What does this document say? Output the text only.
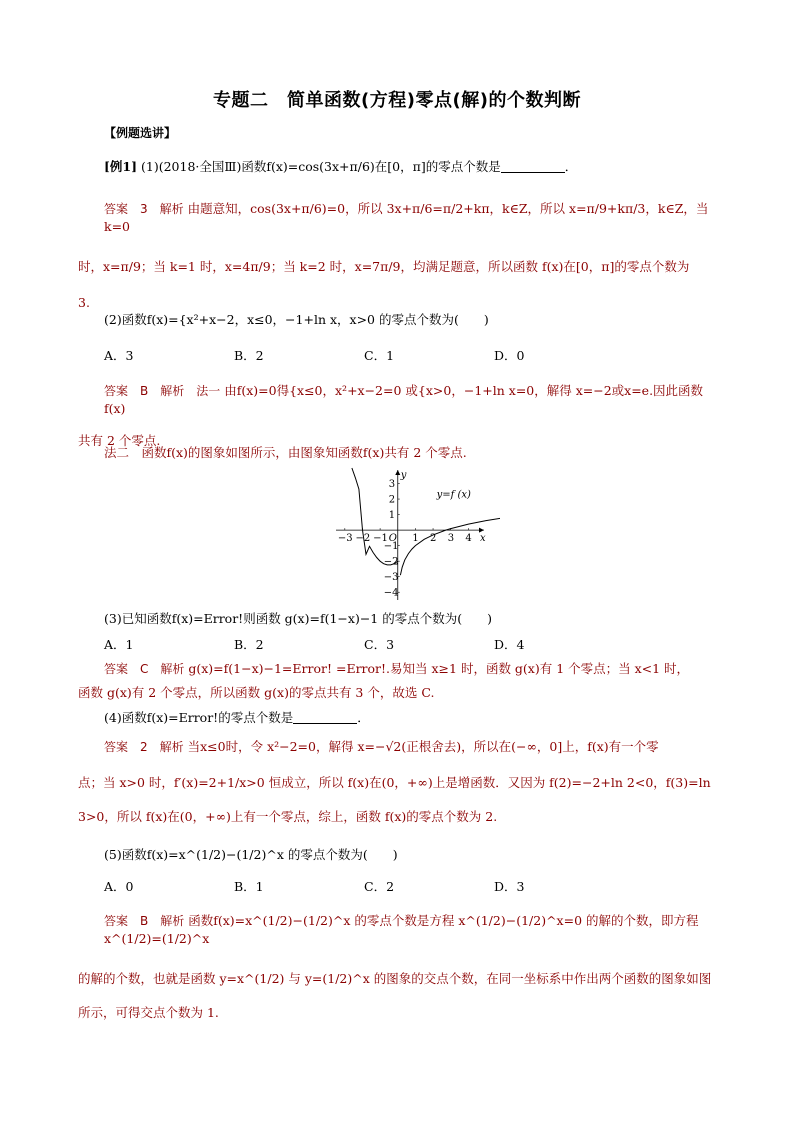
专题二　简单函数(方程)零点(解)的个数判断
【例题选讲】
[例1] (1)(2018·全国Ⅲ)函数f(x)=cos(3x+π/6)在[0，π]的零点个数是	．
答案　3　解析 由题意知，cos(3x+π/6)=0，所以 3x+π/6=π/2+kπ，k∈Z，所以 x=π/9+kπ/3，k∈Z，当 k=0
时，x=π/9；当 k=1 时，x=4π/9；当 k=2 时，x=7π/9，均满足题意，所以函数 f(x)在[0，π]的零点个数为
3.
(2)函数f(x)={x²+x−2，x≤0，−1+ln x，x>0 的零点个数为(　　)
A．3	B．2	C．1	D．0
答案　B　解析　法一 由f(x)=0得{x≤0，x²+x−2=0 或{x>0，−1+ln x=0，解得 x=−2或x=e.因此函数f(x)
共有 2 个零点.
法二　函数f(x)的图象如图所示，由图象知函数f(x)共有 2 个零点.
x
y
O
−3 −2 −1 1 2 3 4
3
2
1
−1
−2
−3
−4
y=f (x)
(3)已知函数f(x)=Error!则函数 g(x)=f(1−x)−1 的零点个数为(　　)
A．1	B．2	C．3	D．4
答案　C　解析 g(x)=f(1−x)−1=Error! =Error!.易知当 x≥1 时，函数 g(x)有 1 个零点；当 x<1 时，
函数 g(x)有 2 个零点，所以函数 g(x)的零点共有 3 个，故选 C.
(4)函数f(x)=Error!的零点个数是	．
答案　2　解析 当x≤0时，令 x²−2=0，解得 x=−√2(正根舍去)，所以在(−∞，0]上，f(x)有一个零
点；当 x>0 时，f′(x)=2+1/x>0 恒成立，所以 f(x)在(0，+∞)上是增函数．又因为 f(2)=−2+ln 2<0，f(3)=ln
3>0，所以 f(x)在(0，+∞)上有一个零点，综上，函数 f(x)的零点个数为 2.
(5)函数f(x)=x^(1/2)−(1/2)^x 的零点个数为(　　)
A．0	B．1	C．2	D．3
答案　B　解析 函数f(x)=x^(1/2)−(1/2)^x 的零点个数是方程 x^(1/2)−(1/2)^x=0 的解的个数，即方程 x^(1/2)=(1/2)^x
的解的个数，也就是函数 y=x^(1/2) 与 y=(1/2)^x 的图象的交点个数，在同一坐标系中作出两个函数的图象如图
所示，可得交点个数为 1.
